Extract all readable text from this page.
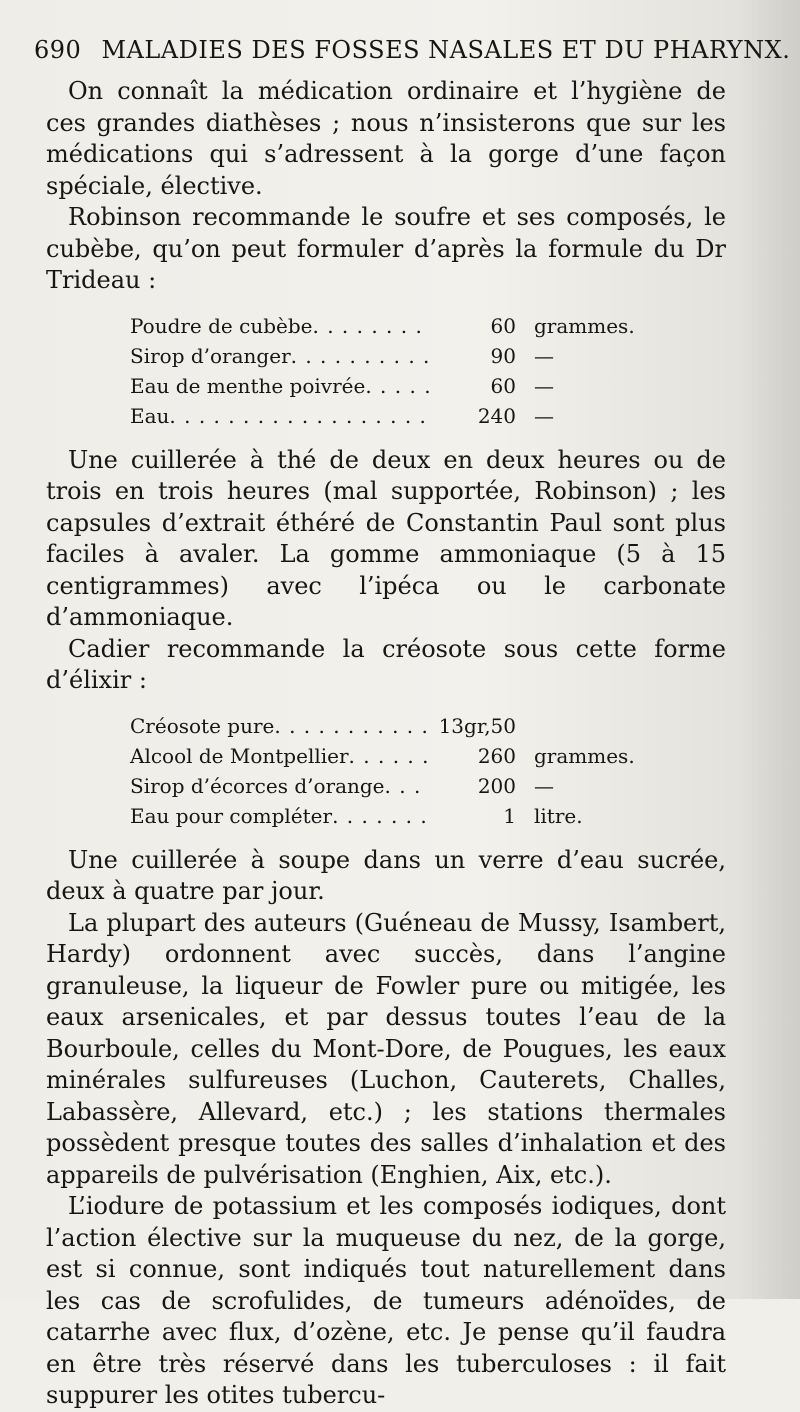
690 MALADIES DES FOSSES NASALES ET DU PHARYNX.

On connaît la médication ordinaire et l’hygiène de ces grandes diathèses ; nous n’insisterons que sur les médications qui s’adressent à la gorge d’une façon spéciale, élective.

Robinson recommande le soufre et ses composés, le cubèbe, qu’on peut formuler d’après la formule du Dr Trideau :

Poudre de cubèbe . . .	60 grammes.
Sirop d’oranger . . .	90 —
Eau de menthe poivrée . . .	60 —
Eau . . .	240 —

Une cuillerée à thé de deux en deux heures ou de trois en trois heures (mal supportée, Robinson) ; les capsules d’extrait éthéré de Constantin Paul sont plus faciles à avaler. La gomme ammoniaque (5 à 15 centigrammes) avec l’ipéca ou le carbonate d’ammoniaque.

Cadier recommande la créosote sous cette forme d’élixir :

Créosote pure . . .	13gr,50
Alcool de Montpellier . . .	260 grammes.
Sirop d’écorces d’orange . . .	200 —
Eau pour compléter . . .	1 litre.

Une cuillerée à soupe dans un verre d’eau sucrée, deux à quatre par jour.

La plupart des auteurs (Guéneau de Mussy, Isambert, Hardy) ordonnent avec succès, dans l’angine granuleuse, la liqueur de Fowler pure ou mitigée, les eaux arsenicales, et par dessus toutes l’eau de la Bourboule, celles du Mont-Dore, de Pougues, les eaux minérales sulfureuses (Luchon, Cauterets, Challes, Labassère, Allevard, etc.) ; les stations thermales possèdent presque toutes des salles d’inhalation et des appareils de pulvérisation (Enghien, Aix, etc.).

L’iodure de potassium et les composés iodiques, dont l’action élective sur la muqueuse du nez, de la gorge, est si connue, sont indiqués tout naturellement dans les cas de scrofulides, de tumeurs adénoïdes, de catarrhe avec flux, d’ozène, etc. Je pense qu’il faudra en être très réservé dans les tuberculoses : il fait suppurer les otites tubercu-
